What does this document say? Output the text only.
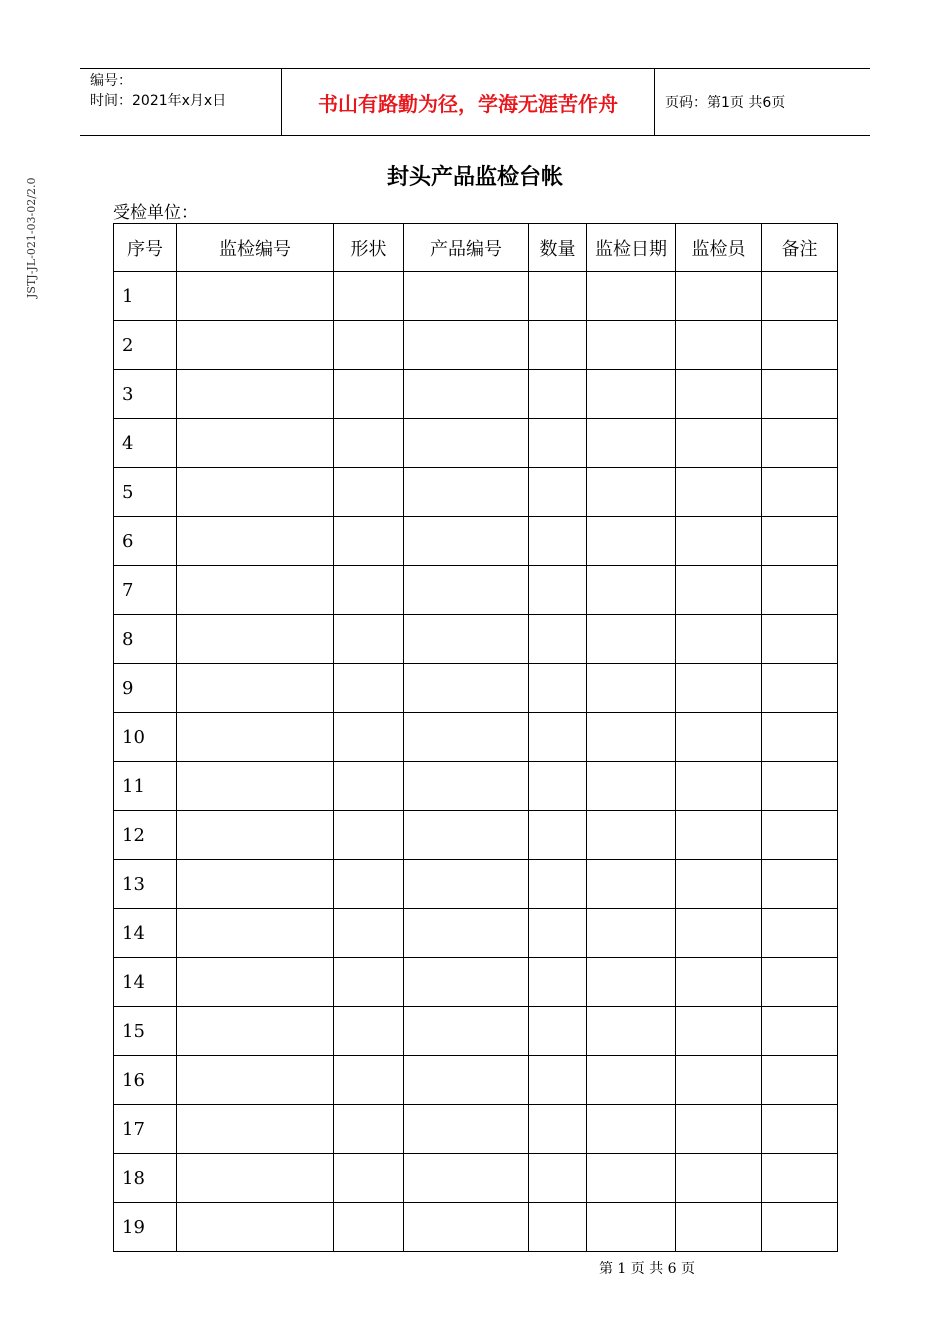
编号：
时间：2021年x月x日	书山有路勤为径，学海无涯苦作舟	页码：第1页 共6页
JSTJ-JL-021-03-02/2.0
封头产品监检台帐
受检单位：
序号	监检编号	形状	产品编号	数量	监检日期	监检员	备注
1							
2							
3							
4							
5							
6							
7							
8							
9							
10							
11							
12							
13							
14							
14							
15							
16							
17							
18							
19							
第 1 页 共 6 页
